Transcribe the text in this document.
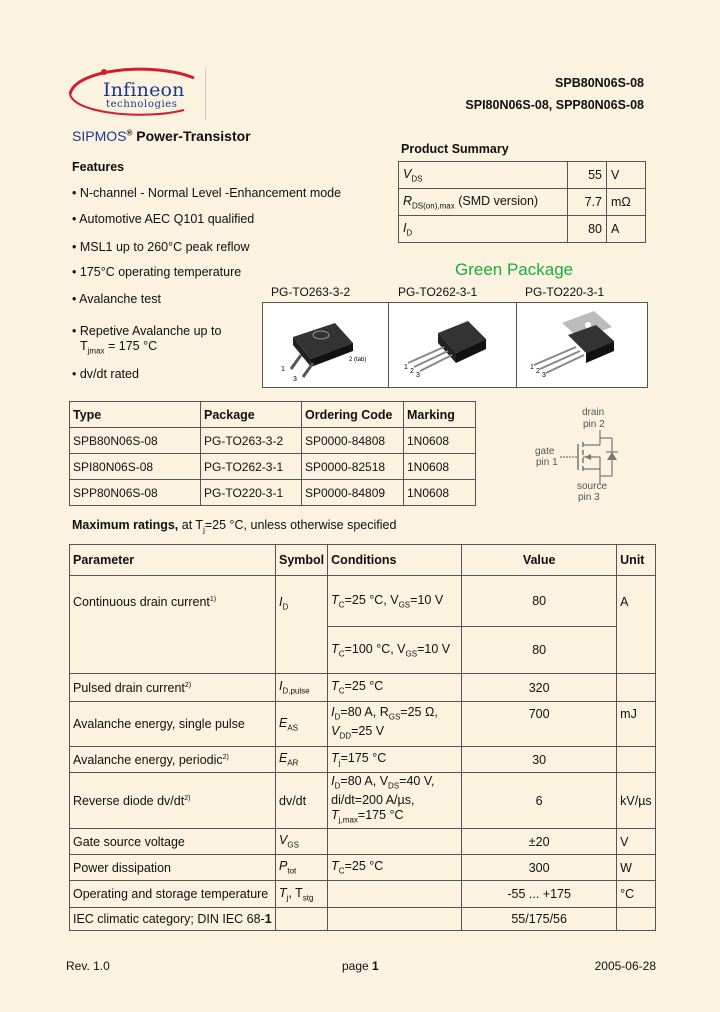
Infineon
technologies
SPB80N06S-08
SPI80N06S-08, SPP80N06S-08
SIPMOS® Power-Transistor
Features
• N-channel - Normal Level -Enhancement mode
• Automotive AEC Q101 qualified
• MSL1 up to 260°C peak reflow
• 175°C operating temperature
• Avalanche test
• Repetive Avalanche up to
$T_{jmax} = 175$ °C
• dv/dt rated
Product Summary
$V_{DS}$	55	V
$R_{DS(on),max}$ (SMD version)	7.7	mΩ
$I_D$	80	A
Green Package
PG-TO263-3-2	PG-TO262-3-1	PG-TO220-3-1
1
3
2 (tab)
1
2
3
1
2
3
Type	Package	Ordering Code	Marking
SPB80N06S-08	PG-TO263-3-2	SP0000-84808	1N0608
SPI80N06S-08	PG-TO262-3-1	SP0000-82518	1N0608
SPP80N06S-08	PG-TO220-3-1	SP0000-84809	1N0608
drain
pin 2
gate
pin 1
source
pin 3
Maximum ratings, at $T_j=25$ °C, unless otherwise specified
Parameter	Symbol	Conditions	Value	Unit
Continuous drain current$^{1)}$	$I_D$	$T_C=25$ °C, $V_{GS}=10$ V	80	A
		$T_C=100$ °C, $V_{GS}=10$ V	80	
Pulsed drain current$^{2)}$	$I_{D,pulse}$	$T_C=25$ °C	320	
Avalanche energy, single pulse	$E_{AS}$	$I_D=80$ A, $R_{GS}=25$ Ω,
$V_{DD}=25$ V	700	mJ
Avalanche energy, periodic$^{2)}$	$E_{AR}$	$T_j=175$ °C	30	
Reverse diode $dv/dt^{2)}$	dv/dt	$I_D=80$ A, $V_{DS}=40$ V,
di/dt=200 A/µs,
$T_{j,max}=175$ °C	6	kV/µs
Gate source voltage	$V_{GS}$		±20	V
Power dissipation	$P_{tot}$	$T_C=25$ °C	300	W
Operating and storage temperature	$T_j$, $T_{stg}$		-55 ... +175	°C
IEC climatic category; DIN IEC 68-1			55/175/56	
Rev. 1.0	page 1	2005-06-28
